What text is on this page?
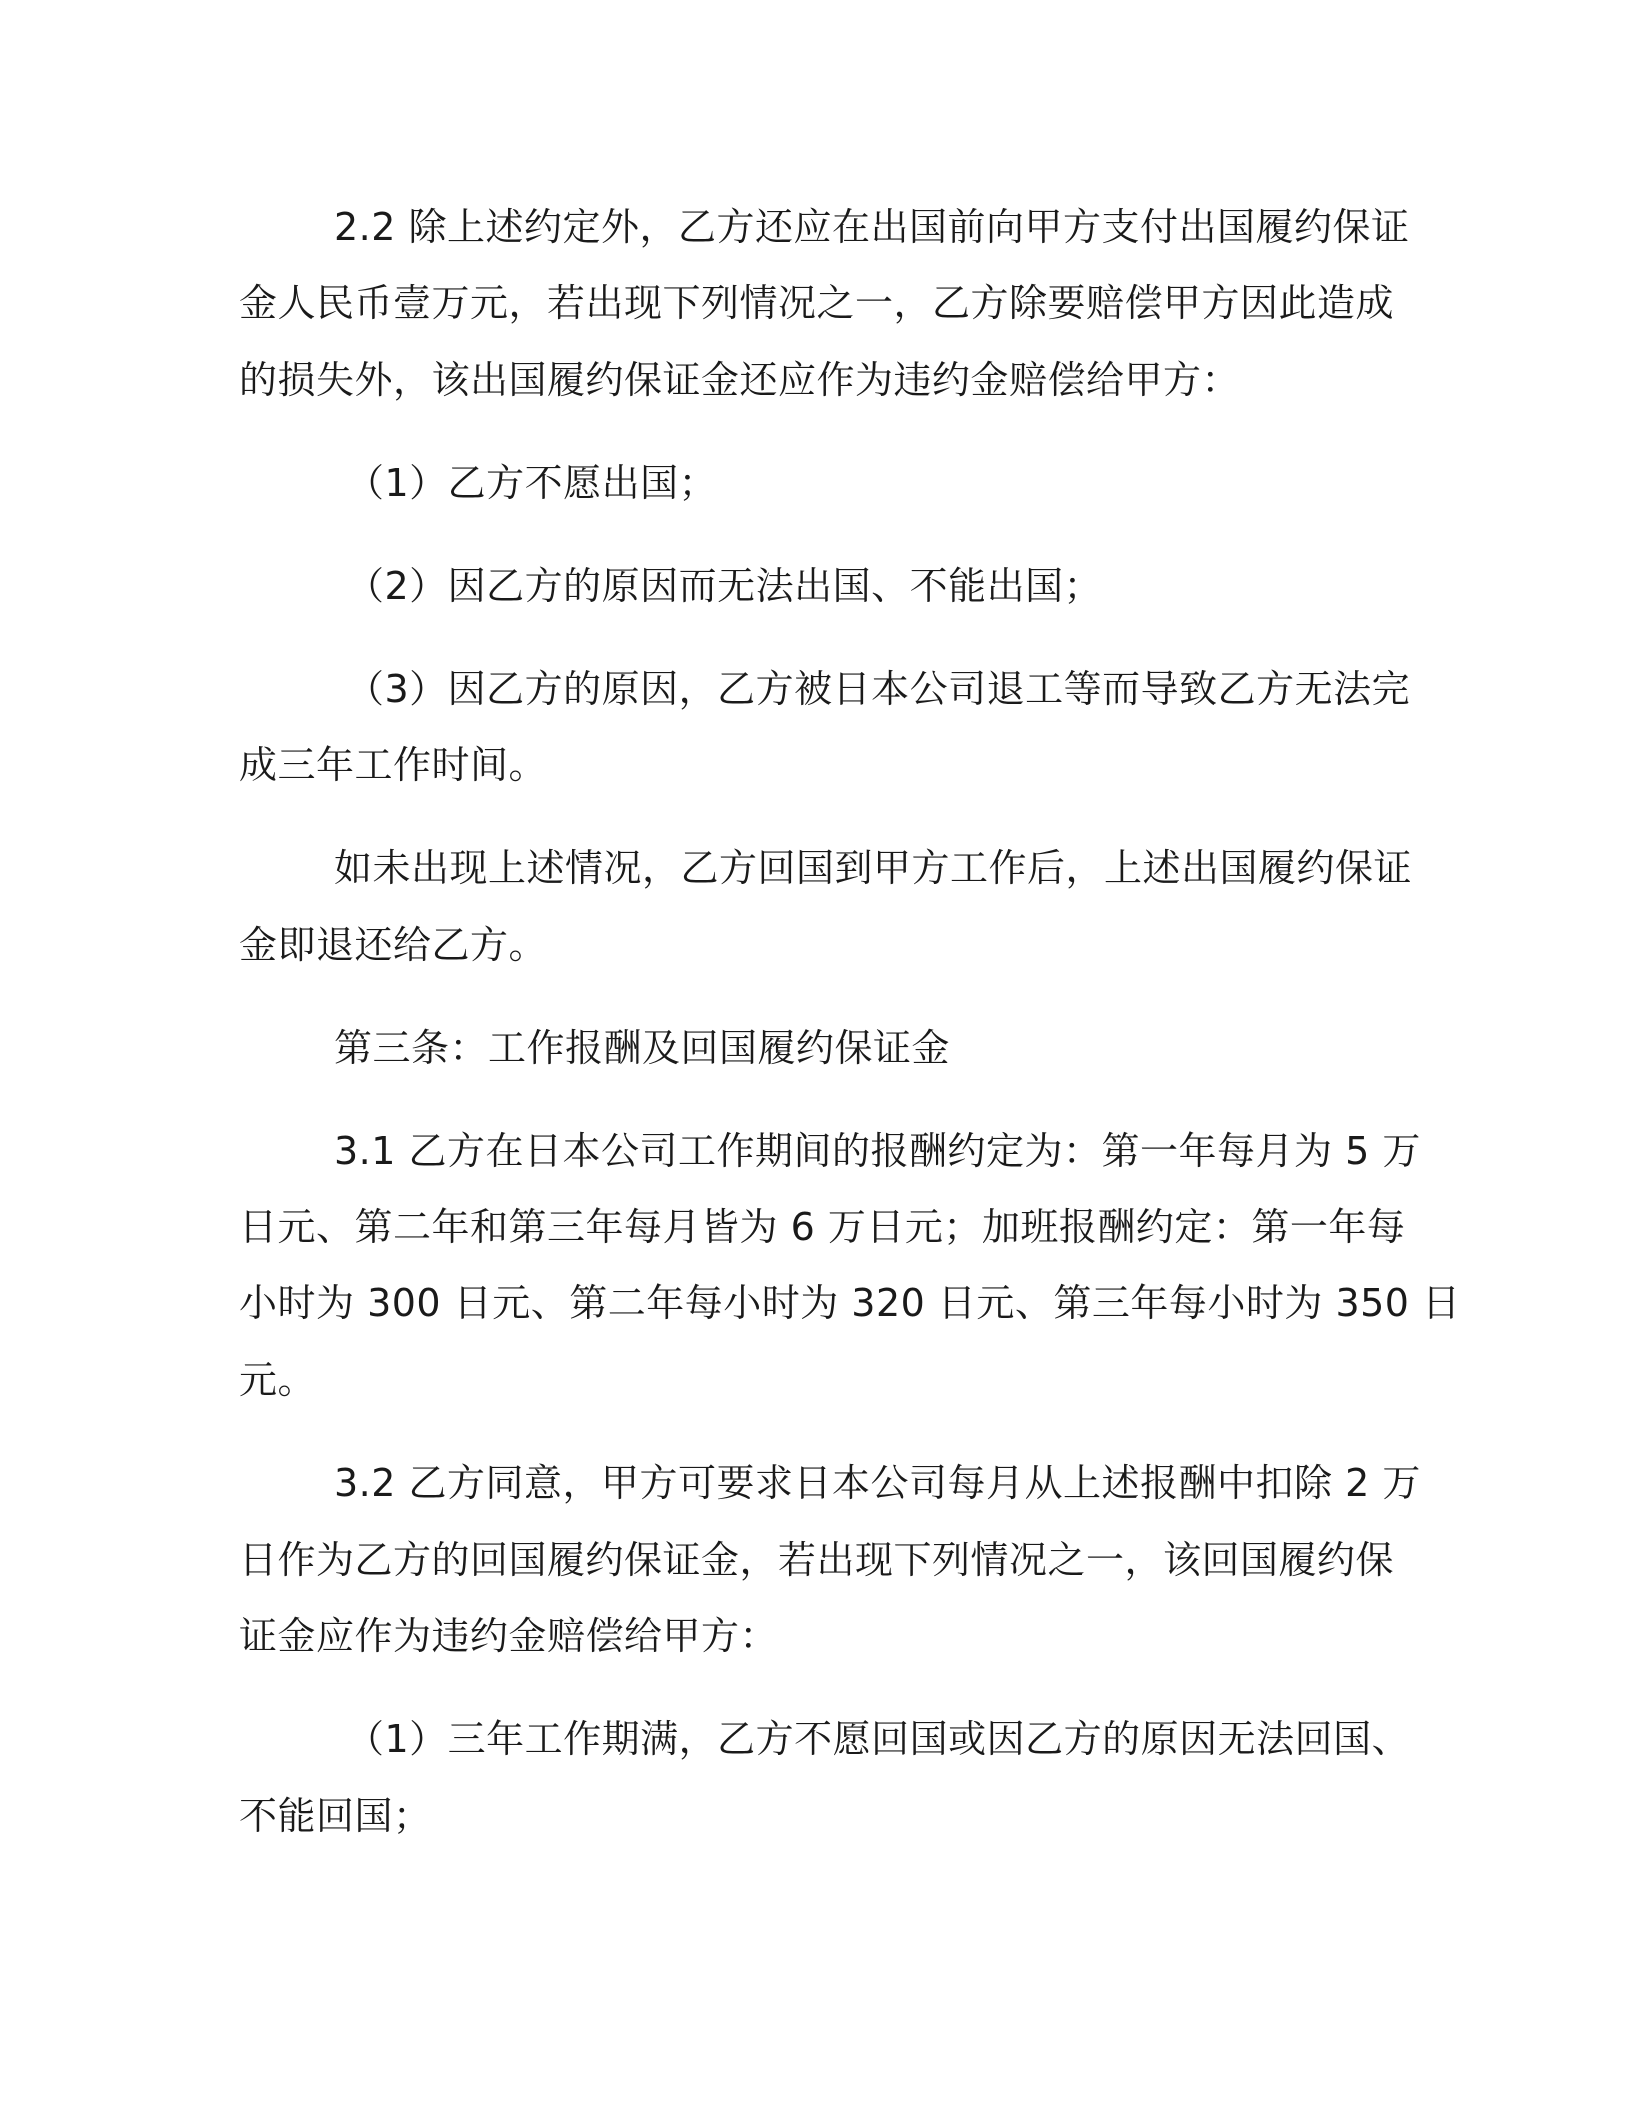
2.2 除上述约定外，乙方还应在出国前向甲方支付出国履约保证

金人民币壹万元，若出现下列情况之一，乙方除要赔偿甲方因此造成

的损失外，该出国履约保证金还应作为违约金赔偿给甲方：

（1）乙方不愿出国；

（2）因乙方的原因而无法出国、不能出国；

（3）因乙方的原因，乙方被日本公司退工等而导致乙方无法完

成三年工作时间。

如未出现上述情况，乙方回国到甲方工作后，上述出国履约保证

金即退还给乙方。

第三条：工作报酬及回国履约保证金

3.1 乙方在日本公司工作期间的报酬约定为：第一年每月为 5 万

日元、第二年和第三年每月皆为 6 万日元；加班报酬约定：第一年每

小时为 300 日元、第二年每小时为 320 日元、第三年每小时为 350 日

元。

3.2 乙方同意，甲方可要求日本公司每月从上述报酬中扣除 2 万

日作为乙方的回国履约保证金，若出现下列情况之一，该回国履约保

证金应作为违约金赔偿给甲方：

（1）三年工作期满，乙方不愿回国或因乙方的原因无法回国、

不能回国；
